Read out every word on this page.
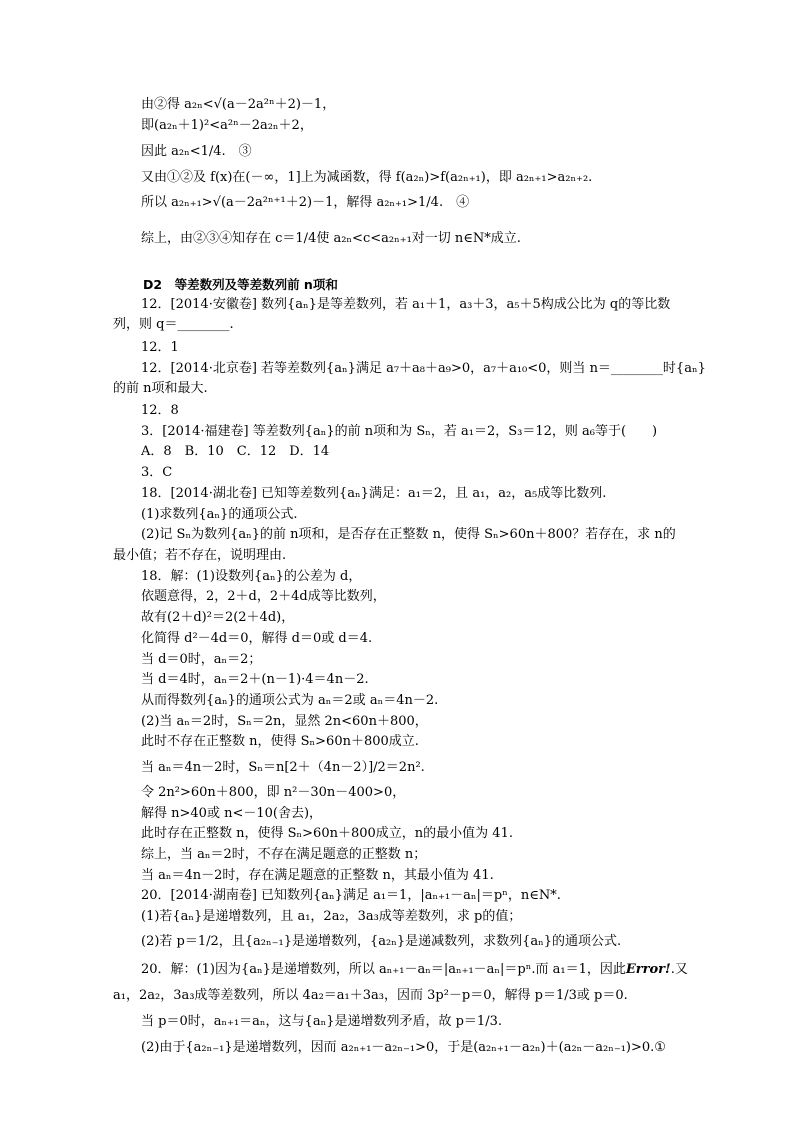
由②得 a₂ₙ<√(a－2a²ⁿ＋2)－1，
即(a₂ₙ＋1)²<a²ⁿ－2a₂ₙ＋2，
因此 a₂ₙ<1/4.　③
又由①②及 f(x)在(－∞，1]上为减函数，得 f(a₂ₙ)>f(a₂ₙ₊₁)，即 a₂ₙ₊₁>a₂ₙ₊₂.
所以 a₂ₙ₊₁>√(a－2a²ⁿ⁺¹＋2)－1，解得 a₂ₙ₊₁>1/4.　④
综上，由②③④知存在 c＝1/4使 a₂ₙ<c<a₂ₙ₊₁对一切 n∈N*成立.
D2　等差数列及等差数列前 n项和
12．[2014·安徽卷] 数列{aₙ}是等差数列，若 a₁＋1，a₃＋3，a₅＋5构成公比为 q的等比数
列，则 q＝________.
12．1
12．[2014·北京卷] 若等差数列{aₙ}满足 a₇＋a₈＋a₉>0，a₇＋a₁₀<0，则当 n＝________时{aₙ}
的前 n项和最大.
12．8
3．[2014·福建卷] 等差数列{aₙ}的前 n项和为 Sₙ，若 a₁＝2，S₃＝12，则 a₆等于(　　)
A．8　B．10　C．12　D．14
3．C
18．[2014·湖北卷] 已知等差数列{aₙ}满足：a₁＝2，且 a₁，a₂，a₅成等比数列.
(1)求数列{aₙ}的通项公式.
(2)记 Sₙ为数列{aₙ}的前 n项和，是否存在正整数 n，使得 Sₙ>60n＋800？若存在，求 n的
最小值；若不存在，说明理由.
18．解：(1)设数列{aₙ}的公差为 d，
依题意得，2，2＋d，2＋4d成等比数列，
故有(2＋d)²＝2(2＋4d)，
化简得 d²－4d＝0，解得 d＝0或 d＝4.
当 d＝0时，aₙ＝2；
当 d＝4时，aₙ＝2＋(n－1)·4＝4n－2.
从而得数列{aₙ}的通项公式为 aₙ＝2或 aₙ＝4n－2.
(2)当 aₙ＝2时，Sₙ＝2n，显然 2n<60n＋800，
此时不存在正整数 n，使得 Sₙ>60n＋800成立.
当 aₙ＝4n－2时，Sₙ＝n[2＋（4n－2）]/2＝2n².
令 2n²>60n＋800，即 n²－30n－400>0，
解得 n>40或 n<－10(舍去)，
此时存在正整数 n，使得 Sₙ>60n＋800成立，n的最小值为 41.
综上，当 aₙ＝2时，不存在满足题意的正整数 n；
当 aₙ＝4n－2时，存在满足题意的正整数 n，其最小值为 41.
20．[2014·湖南卷] 已知数列{aₙ}满足 a₁＝1，|aₙ₊₁－aₙ|＝pⁿ，n∈N*.
(1)若{aₙ}是递增数列，且 a₁，2a₂，3a₃成等差数列，求 p的值；
(2)若 p＝1/2，且{a₂ₙ₋₁}是递增数列，{a₂ₙ}是递减数列，求数列{aₙ}的通项公式.
20．解：(1)因为{aₙ}是递增数列，所以 aₙ₊₁－aₙ＝|aₙ₊₁－aₙ|＝pⁿ.而 a₁＝1，因此Error!.又
a₁，2a₂，3a₃成等差数列，所以 4a₂＝a₁＋3a₃，因而 3p²－p＝0，解得 p＝1/3或 p＝0.
当 p＝0时，aₙ₊₁＝aₙ，这与{aₙ}是递增数列矛盾，故 p＝1/3.
(2)由于{a₂ₙ₋₁}是递增数列，因而 a₂ₙ₊₁－a₂ₙ₋₁>0，于是(a₂ₙ₊₁－a₂ₙ)＋(a₂ₙ－a₂ₙ₋₁)>0.①
